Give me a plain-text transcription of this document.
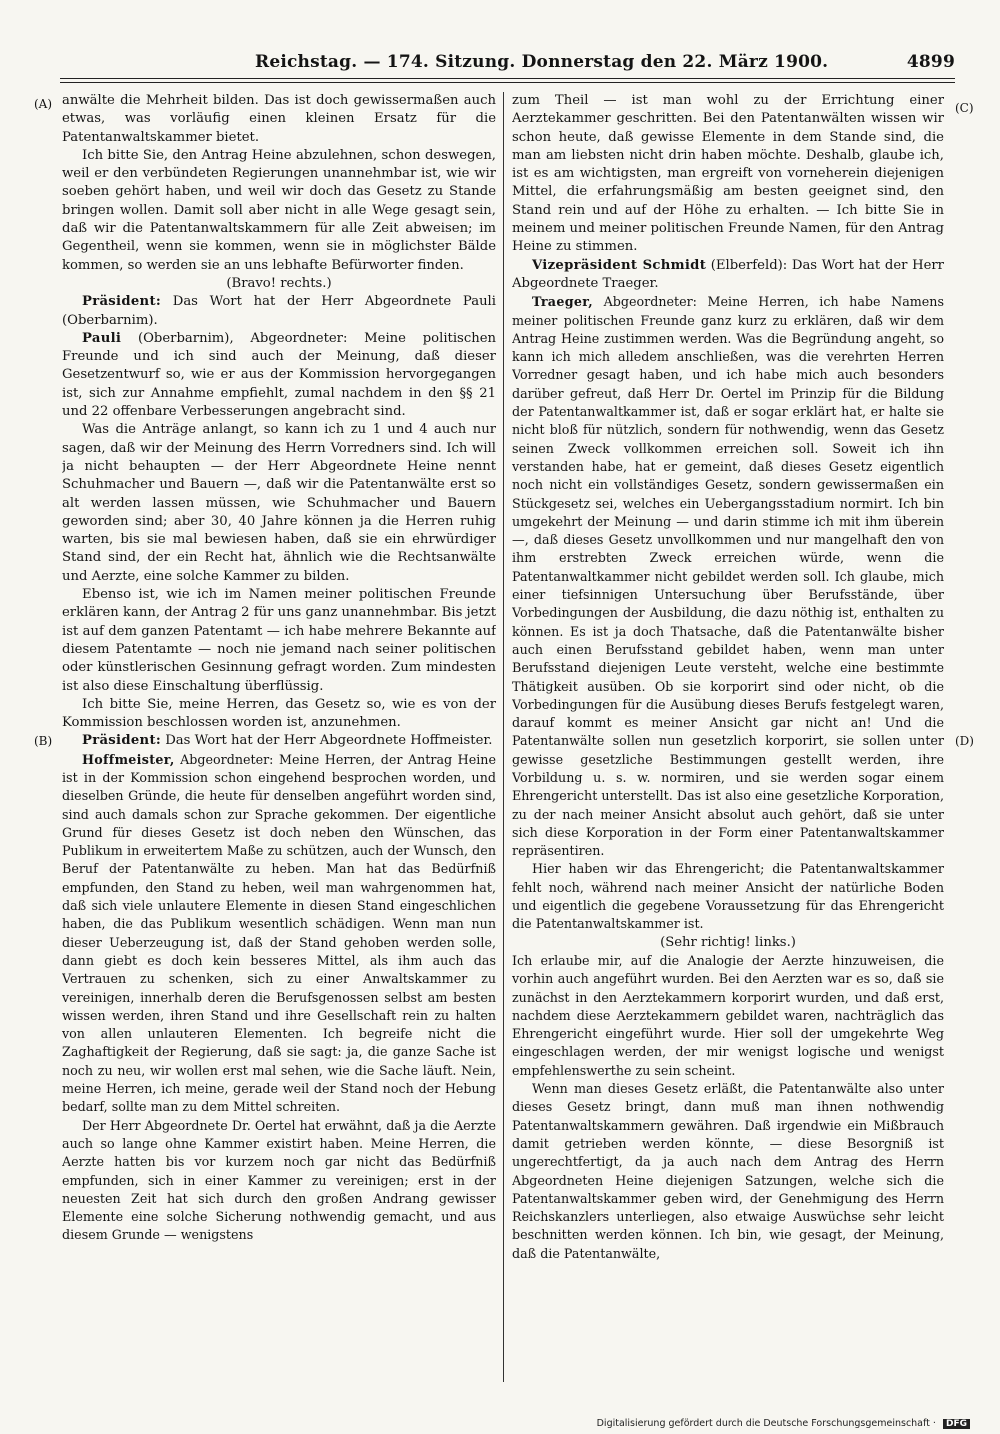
Reichstag. — 174. Sitzung. Donnerstag den 22. März 1900.	4899
(A)
(B)
(C)
(D)

anwälte die Mehrheit bilden. Das ist doch gewissermaßen auch etwas, was vorläufig einen kleinen Ersatz für die Patentanwaltskammer bietet.

Ich bitte Sie, den Antrag Heine abzulehnen, schon deswegen, weil er den verbündeten Regierungen unannehmbar ist, wie wir soeben gehört haben, und weil wir doch das Gesetz zu Stande bringen wollen. Damit soll aber nicht in alle Wege gesagt sein, daß wir die Patentanwaltskammern für alle Zeit abweisen; im Gegentheil, wenn sie kommen, wenn sie in möglichster Bälde kommen, so werden sie an uns lebhafte Befürworter finden.

(Bravo! rechts.)

Präsident: Das Wort hat der Herr Abgeordnete Pauli (Oberbarnim).

Pauli (Oberbarnim), Abgeordneter: Meine politischen Freunde und ich sind auch der Meinung, daß dieser Gesetzentwurf so, wie er aus der Kommission hervorgegangen ist, sich zur Annahme empfiehlt, zumal nachdem in den §§ 21 und 22 offenbare Verbesserungen angebracht sind.

Was die Anträge anlangt, so kann ich zu 1 und 4 auch nur sagen, daß wir der Meinung des Herrn Vorredners sind. Ich will ja nicht behaupten — der Herr Abgeordnete Heine nennt Schuhmacher und Bauern —, daß wir die Patentanwälte erst so alt werden lassen müssen, wie Schuhmacher und Bauern geworden sind; aber 30, 40 Jahre können ja die Herren ruhig warten, bis sie mal bewiesen haben, daß sie ein ehrwürdiger Stand sind, der ein Recht hat, ähnlich wie die Rechtsanwälte und Aerzte, eine solche Kammer zu bilden.

Ebenso ist, wie ich im Namen meiner politischen Freunde erklären kann, der Antrag 2 für uns ganz unannehmbar. Bis jetzt ist auf dem ganzen Patentamt — ich habe mehrere Bekannte auf diesem Patentamte — noch nie jemand nach seiner politischen oder künstlerischen Gesinnung gefragt worden. Zum mindesten ist also diese Einschaltung überflüssig.

Ich bitte Sie, meine Herren, das Gesetz so, wie es von der Kommission beschlossen worden ist, anzunehmen.

Präsident: Das Wort hat der Herr Abgeordnete Hoffmeister.

Hoffmeister, Abgeordneter: Meine Herren, der Antrag Heine ist in der Kommission schon eingehend besprochen worden, und dieselben Gründe, die heute für denselben angeführt worden sind, sind auch damals schon zur Sprache gekommen. Der eigentliche Grund für dieses Gesetz ist doch neben den Wünschen, das Publikum in erweitertem Maße zu schützen, auch der Wunsch, den Beruf der Patentanwälte zu heben. Man hat das Bedürfniß empfunden, den Stand zu heben, weil man wahrgenommen hat, daß sich viele unlautere Elemente in diesen Stand eingeschlichen haben, die das Publikum wesentlich schädigen. Wenn man nun dieser Ueberzeugung ist, daß der Stand gehoben werden solle, dann giebt es doch kein besseres Mittel, als ihm auch das Vertrauen zu schenken, sich zu einer Anwaltskammer zu vereinigen, innerhalb deren die Berufsgenossen selbst am besten wissen werden, ihren Stand und ihre Gesellschaft rein zu halten von allen unlauteren Elementen. Ich begreife nicht die Zaghaftigkeit der Regierung, daß sie sagt: ja, die ganze Sache ist noch zu neu, wir wollen erst mal sehen, wie die Sache läuft. Nein, meine Herren, ich meine, gerade weil der Stand noch der Hebung bedarf, sollte man zu dem Mittel schreiten.

Der Herr Abgeordnete Dr. Oertel hat erwähnt, daß ja die Aerzte auch so lange ohne Kammer existirt haben. Meine Herren, die Aerzte hatten bis vor kurzem noch gar nicht das Bedürfniß empfunden, sich in einer Kammer zu vereinigen; erst in der neuesten Zeit hat sich durch den großen Andrang gewisser Elemente eine solche Sicherung nothwendig gemacht, und aus diesem Grunde — wenigstens

zum Theil — ist man wohl zu der Errichtung einer Aerztekammer geschritten. Bei den Patentanwälten wissen wir schon heute, daß gewisse Elemente in dem Stande sind, die man am liebsten nicht drin haben möchte. Deshalb, glaube ich, ist es am wichtigsten, man ergreift von vorneherein diejenigen Mittel, die erfahrungsmäßig am besten geeignet sind, den Stand rein und auf der Höhe zu erhalten. — Ich bitte Sie in meinem und meiner politischen Freunde Namen, für den Antrag Heine zu stimmen.

Vizepräsident Schmidt (Elberfeld): Das Wort hat der Herr Abgeordnete Traeger.

Traeger, Abgeordneter: Meine Herren, ich habe Namens meiner politischen Freunde ganz kurz zu erklären, daß wir dem Antrag Heine zustimmen werden. Was die Begründung angeht, so kann ich mich alledem anschließen, was die verehrten Herren Vorredner gesagt haben, und ich habe mich auch besonders darüber gefreut, daß Herr Dr. Oertel im Prinzip für die Bildung der Patentanwaltkammer ist, daß er sogar erklärt hat, er halte sie nicht bloß für nützlich, sondern für nothwendig, wenn das Gesetz seinen Zweck vollkommen erreichen soll. Soweit ich ihn verstanden habe, hat er gemeint, daß dieses Gesetz eigentlich noch nicht ein vollständiges Gesetz, sondern gewissermaßen ein Stückgesetz sei, welches ein Uebergangsstadium normirt. Ich bin umgekehrt der Meinung — und darin stimme ich mit ihm überein —, daß dieses Gesetz unvollkommen und nur mangelhaft den von ihm erstrebten Zweck erreichen würde, wenn die Patentanwaltkammer nicht gebildet werden soll. Ich glaube, mich einer tiefsinnigen Untersuchung über Berufsstände, über Vorbedingungen der Ausbildung, die dazu nöthig ist, enthalten zu können. Es ist ja doch Thatsache, daß die Patentanwälte bisher auch einen Berufsstand gebildet haben, wenn man unter Berufsstand diejenigen Leute versteht, welche eine bestimmte Thätigkeit ausüben. Ob sie korporirt sind oder nicht, ob die Vorbedingungen für die Ausübung dieses Berufs festgelegt waren, darauf kommt es meiner Ansicht gar nicht an! Und die Patentanwälte sollen nun gesetzlich korporirt, sie sollen unter gewisse gesetzliche Bestimmungen gestellt werden, ihre Vorbildung u. s. w. normiren, und sie werden sogar einem Ehrengericht unterstellt. Das ist also eine gesetzliche Korporation, zu der nach meiner Ansicht absolut auch gehört, daß sie unter sich diese Korporation in der Form einer Patentanwaltskammer repräsentiren.

Hier haben wir das Ehrengericht; die Patentanwaltskammer fehlt noch, während nach meiner Ansicht der natürliche Boden und eigentlich die gegebene Voraussetzung für das Ehrengericht die Patentanwaltskammer ist.

(Sehr richtig! links.)

Ich erlaube mir, auf die Analogie der Aerzte hinzuweisen, die vorhin auch angeführt wurden. Bei den Aerzten war es so, daß sie zunächst in den Aerztekammern korporirt wurden, und daß erst, nachdem diese Aerztekammern gebildet waren, nachträglich das Ehrengericht eingeführt wurde. Hier soll der umgekehrte Weg eingeschlagen werden, der mir wenigst logische und wenigst empfehlenswerthe zu sein scheint.

Wenn man dieses Gesetz erläßt, die Patentanwälte also unter dieses Gesetz bringt, dann muß man ihnen nothwendig Patentanwaltskammern gewähren. Daß irgendwie ein Mißbrauch damit getrieben werden könnte, — diese Besorgniß ist ungerechtfertigt, da ja auch nach dem Antrag des Herrn Abgeordneten Heine diejenigen Satzungen, welche sich die Patentanwaltskammer geben wird, der Genehmigung des Herrn Reichskanzlers unterliegen, also etwaige Auswüchse sehr leicht beschnitten werden können. Ich bin, wie gesagt, der Meinung, daß die Patentanwälte,

Digitalisierung gefördert durch die Deutsche Forschungsgemeinschaft · DFG
